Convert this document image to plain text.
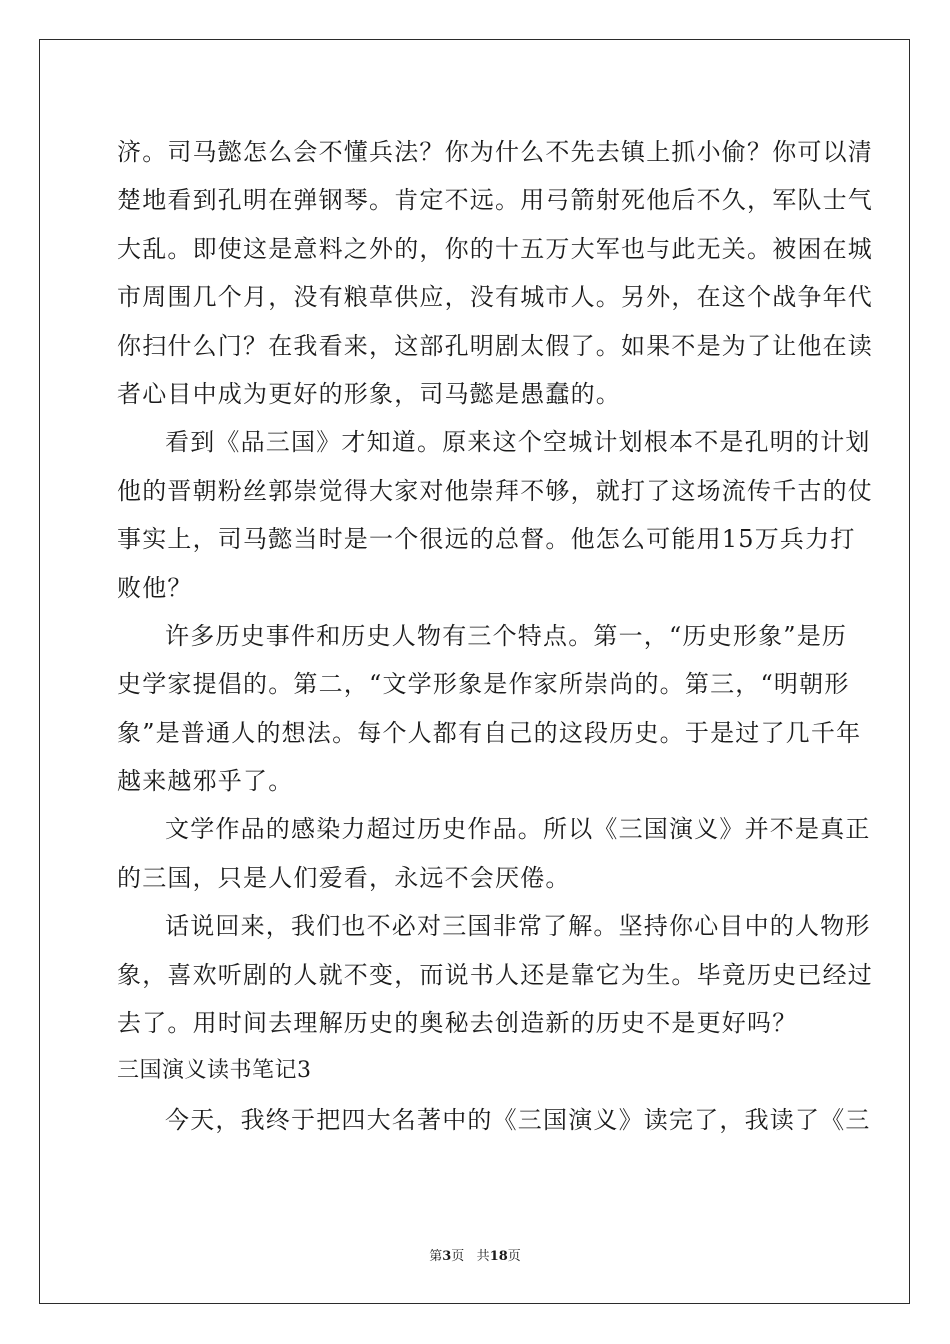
济。司马懿怎么会不懂兵法？你为什么不先去镇上抓小偷？你可以清
楚地看到孔明在弹钢琴。肯定不远。用弓箭射死他后不久，军队士气
大乱。即使这是意料之外的，你的十五万大军也与此无关。被困在城
市周围几个月，没有粮草供应，没有城市人。另外，在这个战争年代
你扫什么门？在我看来，这部孔明剧太假了。如果不是为了让他在读
者心目中成为更好的形象，司马懿是愚蠢的。
看到《品三国》才知道。原来这个空城计划根本不是孔明的计划
他的晋朝粉丝郭崇觉得大家对他崇拜不够，就打了这场流传千古的仗
事实上，司马懿当时是一个很远的总督。他怎么可能用15万兵力打
败他？
许多历史事件和历史人物有三个特点。第一，“历史形象”是历
史学家提倡的。第二，“文学形象是作家所崇尚的。第三，“明朝形
象”是普通人的想法。每个人都有自己的这段历史。于是过了几千年
越来越邪乎了。
文学作品的感染力超过历史作品。所以《三国演义》并不是真正
的三国，只是人们爱看，永远不会厌倦。
话说回来，我们也不必对三国非常了解。坚持你心目中的人物形
象，喜欢听剧的人就不变，而说书人还是靠它为生。毕竟历史已经过
去了。用时间去理解历史的奥秘去创造新的历史不是更好吗？
三国演义读书笔记3
今天，我终于把四大名著中的《三国演义》读完了，我读了《三
第3页 共18页
